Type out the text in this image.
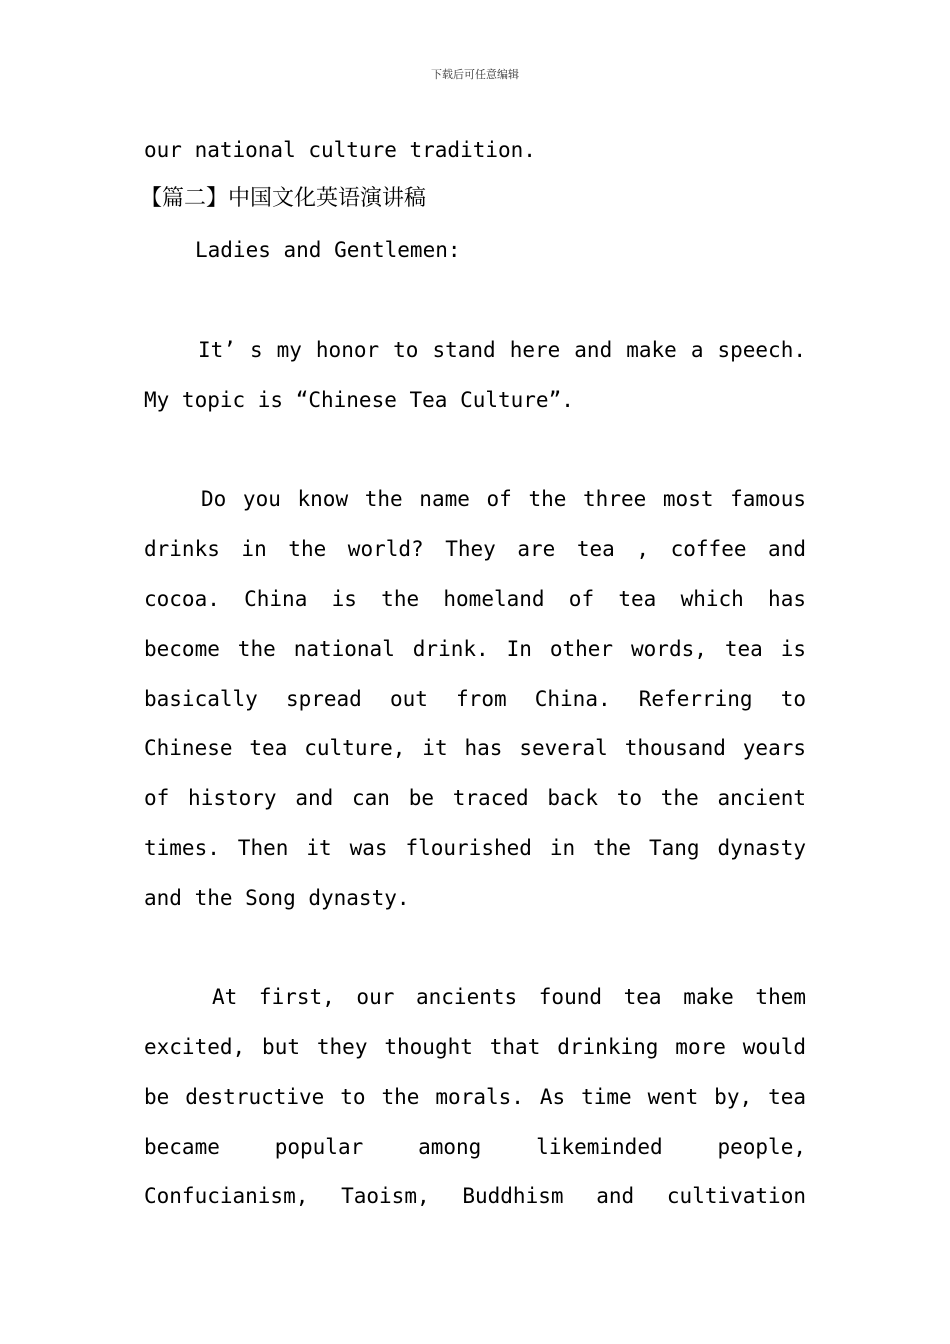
下载后可任意编辑
our national culture tradition.
【篇二】中国文化英语演讲稿
Ladies and Gentlemen:
It’ s my honor to stand here and make a speech.
My topic is “Chinese Tea Culture”.
Do you know the name of the three most famous
drinks in the world? They are tea , coffee and
cocoa. China is the homeland of tea which has
become the national drink. In other words, tea is
basically spread out from China. Referring to
Chinese tea culture, it has several thousand years
of history and can be traced back to the ancient
times. Then it was flourished in the Tang dynasty
and the Song dynasty.
At first, our ancients found tea make them
excited, but they thought that drinking more would
be destructive to the morals. As time went by, tea
became popular among likeminded people,
Confucianism, Taoism, Buddhism and cultivation
